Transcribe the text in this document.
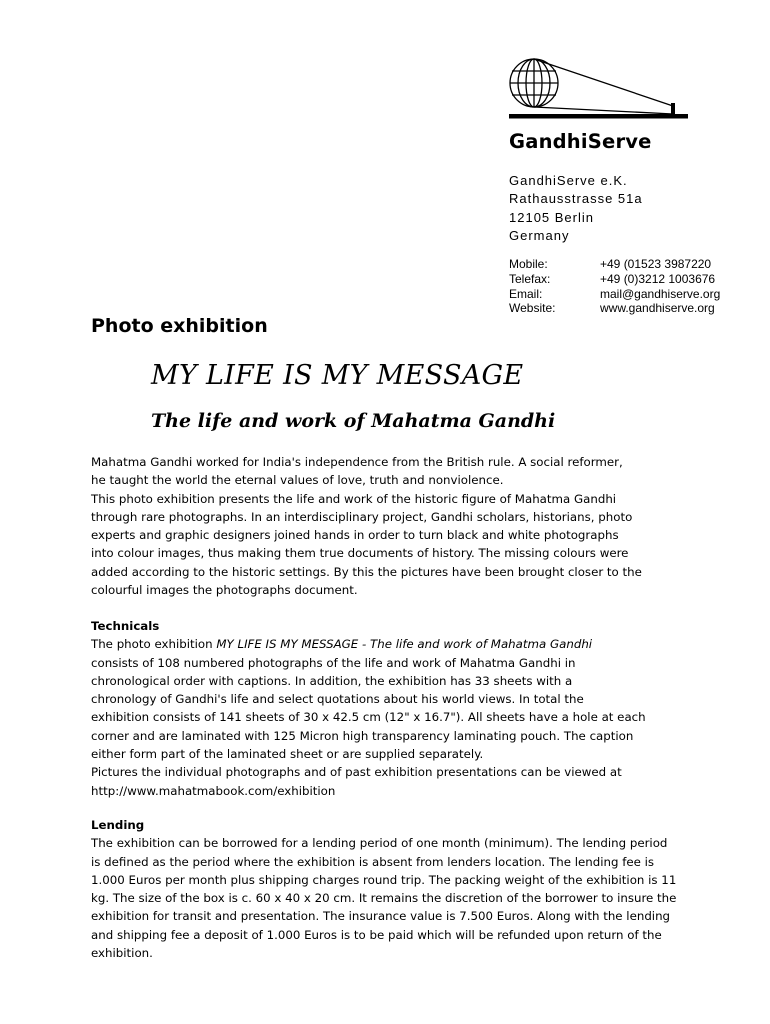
GandhiServe
GandhiServe e.K.
Rathausstrasse 51a
12105 Berlin
Germany
Mobile:	+49 (01523 3987220
Telefax:	+49 (0)3212 1003676
Email:	mail@gandhiserve.org
Website:	www.gandhiserve.org
Photo exhibition
MY LIFE IS MY MESSAGE
The life and work of Mahatma Gandhi
Mahatma Gandhi worked for India's independence from the British rule. A social reformer,
he taught the world the eternal values of love, truth and nonviolence.
This photo exhibition presents the life and work of the historic figure of Mahatma Gandhi
through rare photographs. In an interdisciplinary project, Gandhi scholars, historians, photo
experts and graphic designers joined hands in order to turn black and white photographs
into colour images, thus making them true documents of history. The missing colours were
added according to the historic settings. By this the pictures have been brought closer to the
colourful images the photographs document.
Technicals
The photo exhibition MY LIFE IS MY MESSAGE - The life and work of Mahatma Gandhi
consists of 108 numbered photographs of the life and work of Mahatma Gandhi in
chronological order with captions. In addition, the exhibition has 33 sheets with a
chronology of Gandhi's life and select quotations about his world views. In total the
exhibition consists of 141 sheets of 30 x 42.5 cm (12" x 16.7"). All sheets have a hole at each
corner and are laminated with 125 Micron high transparency laminating pouch. The caption
either form part of the laminated sheet or are supplied separately.
Pictures the individual photographs and of past exhibition presentations can be viewed at
http://www.mahatmabook.com/exhibition
Lending
The exhibition can be borrowed for a lending period of one month (minimum). The lending period
is defined as the period where the exhibition is absent from lenders location. The lending fee is
1.000 Euros per month plus shipping charges round trip. The packing weight of the exhibition is 11
kg. The size of the box is c. 60 x 40 x 20 cm. It remains the discretion of the borrower to insure the
exhibition for transit and presentation. The insurance value is 7.500 Euros. Along with the lending
and shipping fee a deposit of 1.000 Euros is to be paid which will be refunded upon return of the
exhibition.
